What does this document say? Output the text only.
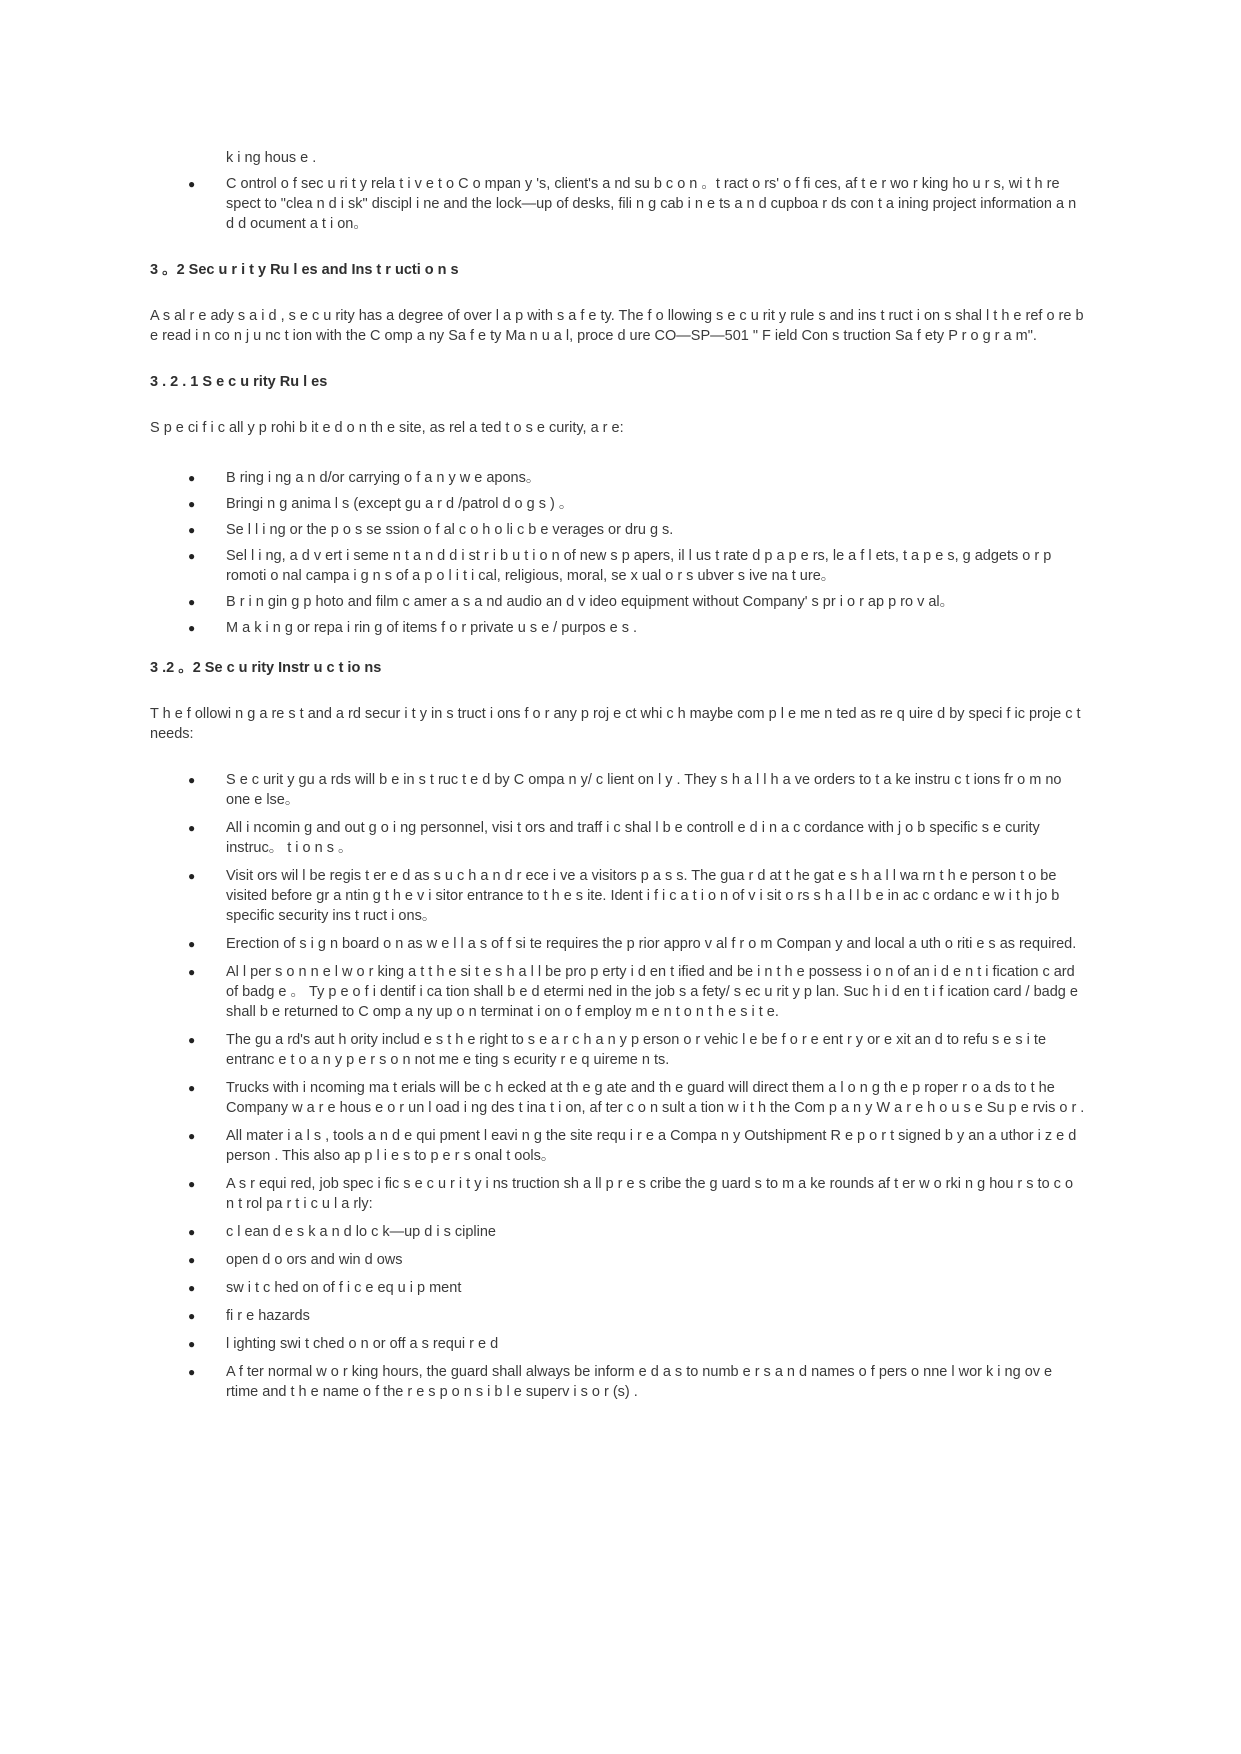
k i ng hous e .

● C ontrol o f sec u ri t y rela t i v e t o C o mpan y 's, client's a nd su b c o n 。t ract o rs' o f fi ces, af t e r wo r king ho u r s, wi t h re spect to "clea n d i sk" discipl i ne and the lock—up of desks, fili n g cab i n e ts a n d cupboa r ds con t a ining project information a n d d ocument a t i on。
3 。2 Sec u r i t y Ru l es and Ins t r ucti o n s

A s al r e ady s a i d , s e c u rity has a degree of over l a p with s a f e ty. The f o llowing s e c u rit y rule s and ins t ruct i on s shal l t h e ref o re b e read i n co n j u nc t ion with the C omp a ny Sa f e ty Ma n u a l, proce d ure CO—SP—501 " F ield Con s truction Sa f ety P r o g r a m".

3 . 2 . 1 S e c u rity Ru l es

S p e ci f i c all y p rohi b it e d o n th e site, as rel a ted t o s e curity, a r e:

● B ring i ng a n d/or carrying o f a n y w e apons。
● Bringi n g animа l s (except gu a r d /patrol d o g s ) 。
● Se l l i ng or the p o s se ssion o f al c o h o li c b e verages or dru g s.
● Sel l i ng, a d v ert i seme n t a n d d i st r i b u t i o n of new s p apers, il l us t rate d p a p e rs, le a f l ets, t a p e s, g adgets o r p romoti o nal campa i g n s of a p o l i t i cal, religious, moral, se x ual o r s ubver s ive na t ure。
● B r i n gin g p hoto and film c amer a s a nd audio an d v ideo equipment without Company' s pr i o r ap p ro v al。
● M a k i n g or repa i rin g of items f o r private u s e / purpos e s .
3 .2 。2 Se c u rity Instr u c t io ns

T h e f ollowi n g a re s t and a rd secur i t y in s truct i ons f o r any p roj e ct whi c h maybe com p l e me n ted as re q uire d by speci f ic proje c t needs:

● S e c urit y gu a rds will b e in s t ruc t e d by C ompa n y/ c lient on l y . They s h a l l h a ve orders to t a ke instru c t ions fr o m no one e lse。
● All i ncomin g and out g o i ng personnel, visi t ors and traff i c shal l b e controll e d i n a c cordance with j o b specific s e curity instruc。 t i o n s 。
● Visit ors wil l be regis t er e d as s u c h a n d r ece i ve a visitors p a s s. The gua r d at t he gat e s h a l l wa rn t h e person t o be visited before gr a ntin g t h e v i sitor entrance to t h e s ite. Ident i f i c a t i o n of v i sit o rs s h a l l b e in ac c ordanc e w i t h jo b specific security ins t ruct i ons。
● Erection of s i g n board o n as w e l l a s of f si te requires the p rior appro v al f r o m Compan y and local a uth o riti e s as required.
● Al l per s o n n e l w o r king a t t h e si t e s h a l l be pro p erty i d en t ified and be i n t h e possess i o n of an i d e n t i fication c ard of badg e 。 Ty p e o f i dentif i ca tion shall b e d etermi ned in the job s a fety/ s ec u rit y p lan. Suc h i d en t i f ication card / badg e shall b e returned to C omp a ny up o n terminat i on o f employ m e n t o n t h e s i t e.
● The gu a rd's aut h ority includ e s t h e right to s e a r c h a n y p erson o r vehic l e be f o r e ent r y or e xit an d to refu s e s i te entranc e t o a n y p e r s o n not me e ting s ecurity r e q uireme n ts.
● Trucks with i ncoming ma t erials will be c h ecked at th e g ate and th e guard will direct them a l o n g th e p roper r o a ds to t he Company w a r e hous e o r un l oad i ng des t ina t i on, af ter c o n sult a tion w i t h the Com p a n y W a r e h o u s e Su p e rvis o r .
● All mater i a l s , tools a n d e qui pment l eavi n g the site requ i r e a Compa n y Outshipment R e p o r t signed b y an a uthor i z e d person . This also ap p l i e s to p e r s onal t ools。
● A s r equi red, job spec i fic s e c u r i t y i ns truction sh a ll p r e s cribe the g uard s to m a ke rounds af t er w o rki n g hou r s to c o n t rol pa r t i c u l a rly:
● c l ean d e s k a n d lo c k—up d i s cipline
● open d o ors and win d ows
● sw i t c hed on of f i c e eq u i p ment
● fi r e hazards
● l ighting swi t ched o n or off a s requi r e d
● A f ter normal w o r king hours, the guard shall always be inform e d a s to numb e r s a n d names o f pers o nne l wor k i ng ov e rtime and t h e name o f the r e s p o n s i b l e superv i s o r (s) .
